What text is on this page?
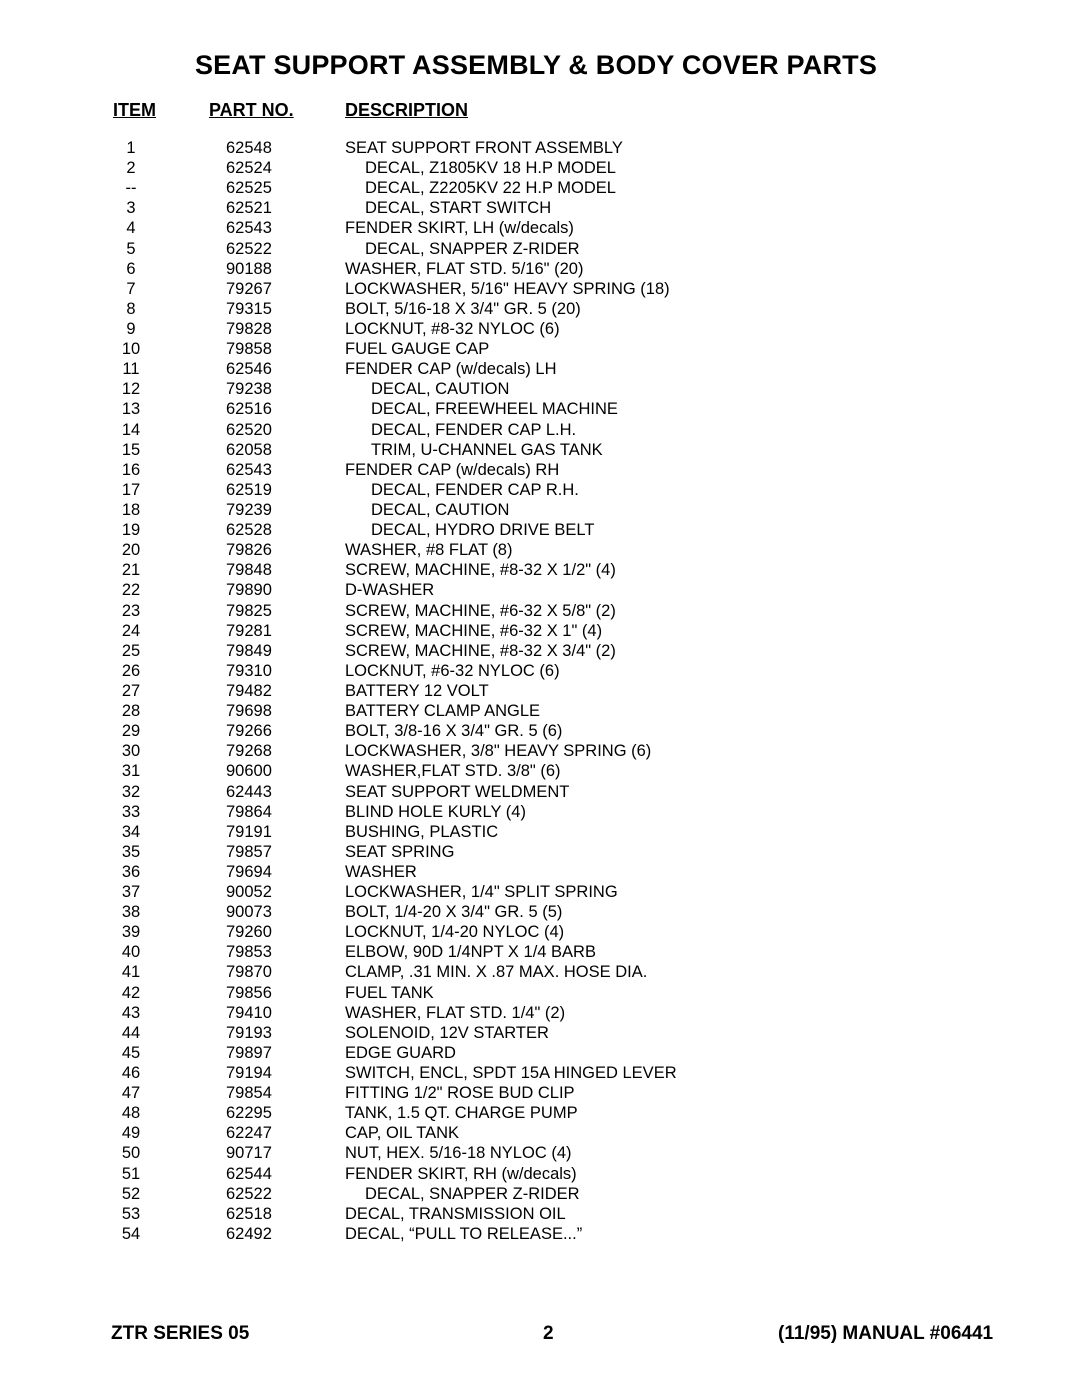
SEAT SUPPORT ASSEMBLY & BODY COVER PARTS
ITEM	PART NO.	DESCRIPTION
1	62548	SEAT SUPPORT FRONT ASSEMBLY
2	62524	DECAL, Z1805KV 18 H.P MODEL
--	62525	DECAL, Z2205KV 22 H.P MODEL
3	62521	DECAL, START SWITCH
4	62543	FENDER SKIRT, LH (w/decals)
5	62522	DECAL, SNAPPER Z-RIDER
6	90188	WASHER, FLAT STD. 5/16" (20)
7	79267	LOCKWASHER, 5/16" HEAVY SPRING (18)
8	79315	BOLT, 5/16-18 X 3/4" GR. 5 (20)
9	79828	LOCKNUT, #8-32 NYLOC (6)
10	79858	FUEL GAUGE CAP
11	62546	FENDER CAP (w/decals) LH
12	79238	DECAL, CAUTION
13	62516	DECAL, FREEWHEEL MACHINE
14	62520	DECAL, FENDER CAP L.H.
15	62058	TRIM, U-CHANNEL GAS TANK
16	62543	FENDER CAP (w/decals) RH
17	62519	DECAL, FENDER CAP R.H.
18	79239	DECAL, CAUTION
19	62528	DECAL, HYDRO DRIVE BELT
20	79826	WASHER, #8 FLAT (8)
21	79848	SCREW, MACHINE, #8-32 X 1/2" (4)
22	79890	D-WASHER
23	79825	SCREW, MACHINE, #6-32 X 5/8" (2)
24	79281	SCREW, MACHINE, #6-32 X 1" (4)
25	79849	SCREW, MACHINE, #8-32 X 3/4" (2)
26	79310	LOCKNUT, #6-32 NYLOC (6)
27	79482	BATTERY 12 VOLT
28	79698	BATTERY CLAMP ANGLE
29	79266	BOLT, 3/8-16 X 3/4" GR. 5 (6)
30	79268	LOCKWASHER, 3/8" HEAVY SPRING (6)
31	90600	WASHER,FLAT STD. 3/8" (6)
32	62443	SEAT SUPPORT WELDMENT
33	79864	BLIND HOLE KURLY (4)
34	79191	BUSHING, PLASTIC
35	79857	SEAT SPRING
36	79694	WASHER
37	90052	LOCKWASHER, 1/4" SPLIT SPRING
38	90073	BOLT, 1/4-20 X 3/4" GR. 5 (5)
39	79260	LOCKNUT, 1/4-20 NYLOC (4)
40	79853	ELBOW, 90D 1/4NPT X 1/4 BARB
41	79870	CLAMP, .31 MIN. X .87 MAX. HOSE DIA.
42	79856	FUEL TANK
43	79410	WASHER, FLAT STD. 1/4" (2)
44	79193	SOLENOID, 12V STARTER
45	79897	EDGE GUARD
46	79194	SWITCH, ENCL, SPDT 15A HINGED LEVER
47	79854	FITTING 1/2" ROSE BUD CLIP
48	62295	TANK, 1.5 QT. CHARGE PUMP
49	62247	CAP, OIL TANK
50	90717	NUT, HEX. 5/16-18 NYLOC (4)
51	62544	FENDER SKIRT, RH (w/decals)
52	62522	DECAL, SNAPPER Z-RIDER
53	62518	DECAL, TRANSMISSION OIL
54	62492	DECAL, “PULL TO RELEASE...”
ZTR SERIES 05	2	(11/95) MANUAL #06441
